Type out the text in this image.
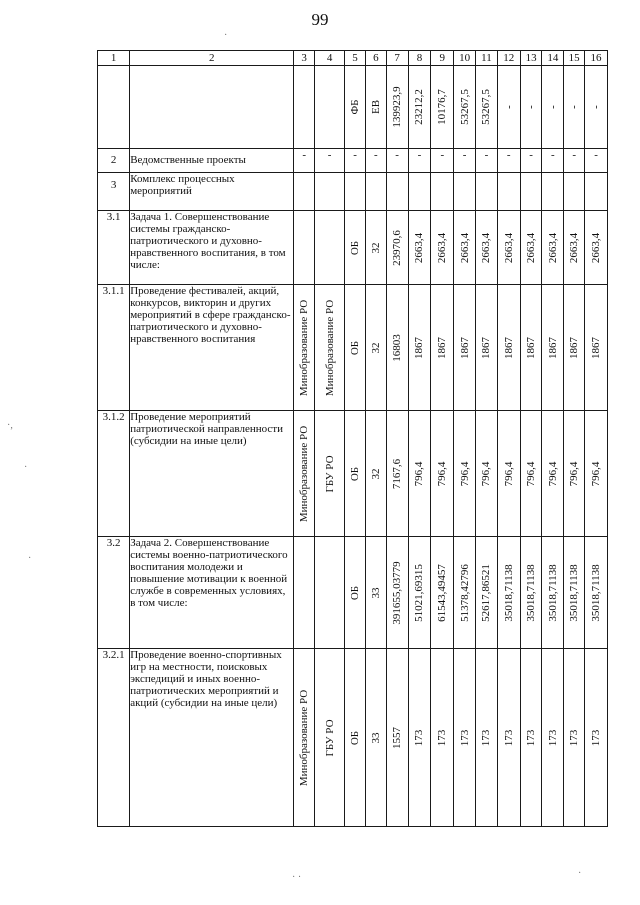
99
1	2	3	4	5	6	7	8	9	10	11	12	13	14	15	16

				ФБ	ЕВ	139923,9	23212,2	10176,7	53267,5	53267,5	-	-	-	-	-

2	Ведомственные проекты	-	-	-	-	-	-	-	-	-	-	-	-	-	-
3	Комплекс процессных мероприятий														
3.1	Задача 1. Совершенствование системы гражданско-патриотического и духовно-нравственного воспитания, в том числе:			ОБ	32	23970,6	2663,4	2663,4	2663,4	2663,4	2663,4	2663,4	2663,4	2663,4	2663,4

3.1.1	Проведение фестивалей, акций, конкурсов, викторин и других мероприятий в сфере гражданско-патриотического и духовно-нравственного воспитания	Минобразование РО	Минобразование РО	ОБ	32	16803	1867	1867	1867	1867	1867	1867	1867	1867	1867

3.1.2	Проведение мероприятий патриотической направленности (субсидии на иные цели)	Минобразование РО	ГБУ РО	ОБ	32	7167,6	796,4	796,4	796,4	796,4	796,4	796,4	796,4	796,4	796,4

3.2	Задача 2. Совершенствование системы военно-патриотического воспитания молодежи и повышение мотивации к военной службе в современных условиях, в том числе:			ОБ	33	391655,03779	51021,69315	61543,49457	51378,42796	52617,86521	35018,71138	35018,71138	35018,71138	35018,71138	35018,71138

3.2.1	Проведение военно-спортивных игр на местности, поисковых экспедиций и иных военно-патриотических мероприятий и акций (субсидии на иные цели)	Минобразование РО	ГБУ РО	ОБ	33	1557	173	173	173	173	173	173	173	173	173
·,
·
·
· ·	·
·
